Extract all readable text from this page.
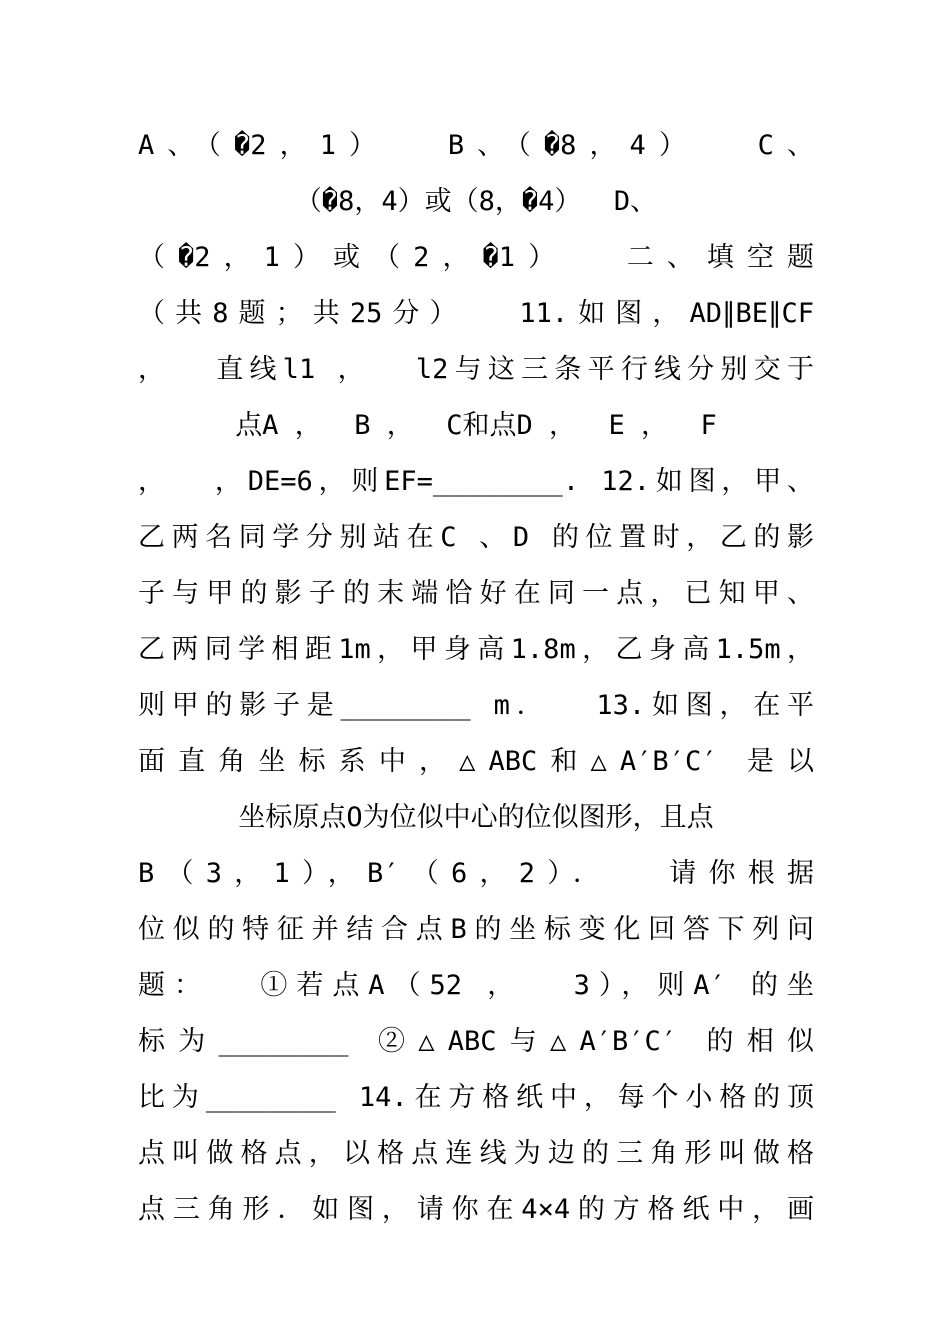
A、（�2，1）  B、（�8，4）  C、
（�8，4）或（8，�4）  D、
（�2，1）或（2，�1）  二、填空题
（共8题；共25分）  11.如图，AD∥BE∥CF
，  直线l1 ，  l2与这三条平行线分别交于
点A ，  B ，  C和点D ，  E ，  F
，  ，DE=6，则EF=________. 12.如图，甲、
乙两名同学分别站在C 、D 的位置时，乙的影
子与甲的影子的末端恰好在同一点，已知甲、
乙两同学相距1m，甲身高1.8m，乙身高1.5m，
则甲的影子是________ m．  13.如图，在平
面直角坐标系中，△ABC和△A′B′C′ 是以
坐标原点O为位似中心的位似图形，且点
B（3，1），B′（6，2）．  请你根据
位似的特征并结合点B的坐标变化回答下列问
题：  ①若点A（52 ，  3），则A′ 的坐
标为________ ②△ABC与△A′B′C′ 的相似
比为________ 14.在方格纸中，每个小格的顶
点叫做格点，以格点连线为边的三角形叫做格
点三角形．如图，请你在4×4的方格纸中，画
